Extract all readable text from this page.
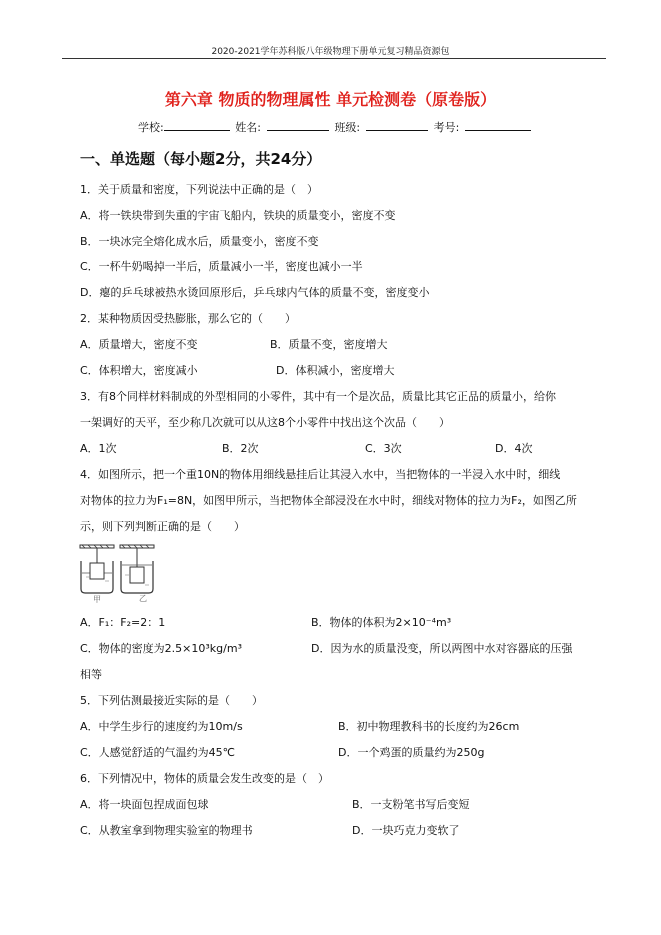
2020-2021学年苏科版八年级物理下册单元复习精品资源包
第六章 物质的物理属性 单元检测卷（原卷版）
学校:	姓名:	班级:	考号:
一、单选题（每小题2分，共24分）
1．关于质量和密度，下列说法中正确的是（　）
A．将一铁块带到失重的宇宙飞船内，铁块的质量变小，密度不变
B．一块冰完全熔化成水后，质量变小，密度不变
C．一杯牛奶喝掉一半后，质量减小一半，密度也减小一半
D．瘪的乒乓球被热水烫回原形后，乒乓球内气体的质量不变，密度变小
2．某种物质因受热膨胀，那么它的（　　）
A．质量增大，密度不变	B．质量不变，密度增大
C．体积增大，密度减小	D．体积减小，密度增大
3．有8个同样材料制成的外型相同的小零件，其中有一个是次品，质量比其它正品的质量小，给你
一架调好的天平，至少称几次就可以从这8个小零件中找出这个次品（　　）
A．1次	B．2次	C．3次	D．4次
4．如图所示，把一个重10N的物体用细线悬挂后让其浸入水中，当把物体的一半浸入水中时，细线
对物体的拉力为F₁=8N，如图甲所示，当把物体全部浸没在水中时，细线对物体的拉力为F₂，如图乙所
示，则下列判断正确的是（　　）
甲	乙
A．F₁：F₂=2：1	B．物体的体积为2×10⁻⁴m³
C．物体的密度为2.5×10³kg/m³	D．因为水的质量没变，所以两图中水对容器底的压强
相等
5．下列估测最接近实际的是（　　）
A．中学生步行的速度约为10m/s	B．初中物理教科书的长度约为26cm
C．人感觉舒适的气温约为45℃	D．一个鸡蛋的质量约为250g
6．下列情况中，物体的质量会发生改变的是（　）
A．将一块面包捏成面包球	B．一支粉笔书写后变短
C．从教室拿到物理实验室的物理书	D．一块巧克力变软了
